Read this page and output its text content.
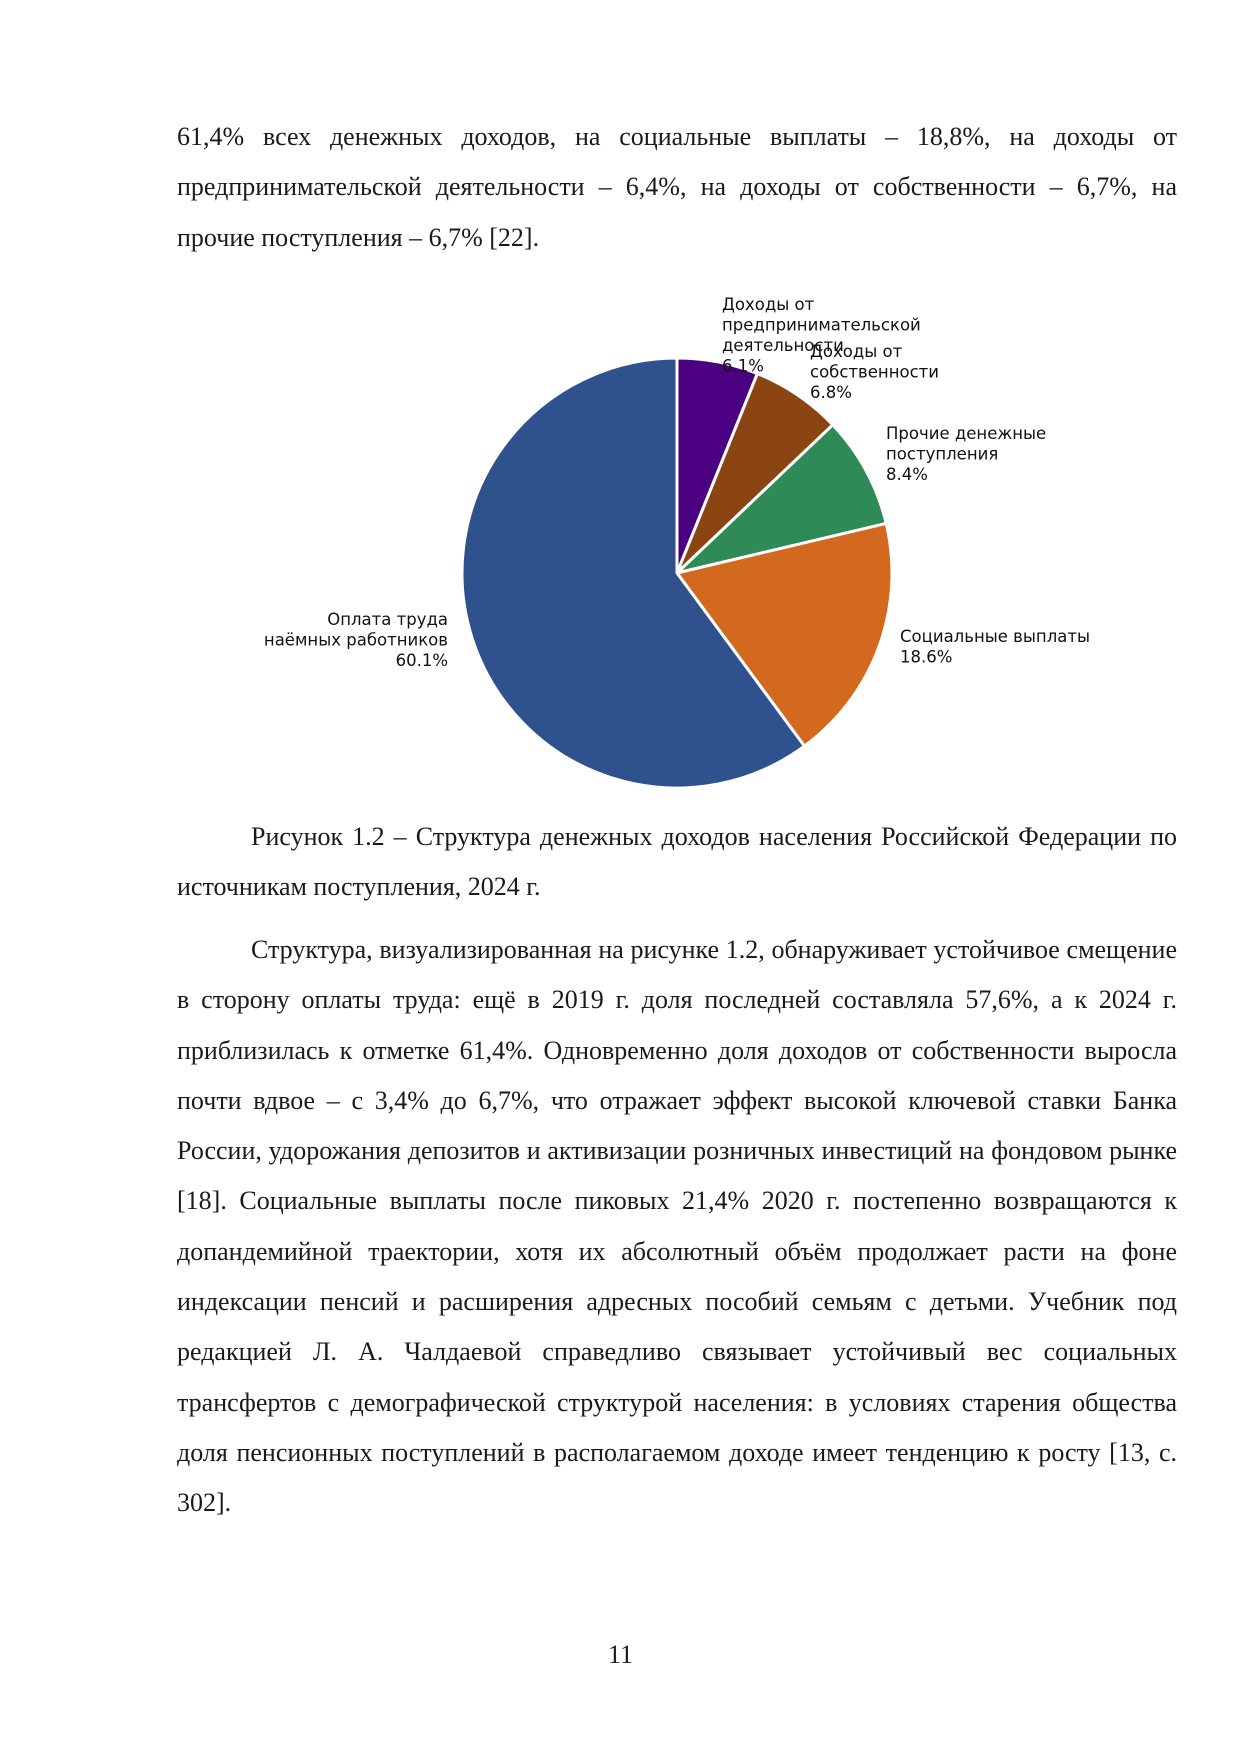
61,4% всех денежных доходов, на социальные выплаты – 18,8%, на доходы от предпринимательской деятельности – 6,4%, на доходы от собственности – 6,7%, на прочие поступления – 6,7% [22].

Доходы от предпринимательской деятельности 6.1%
Доходы от собственности 6.8%
Прочие денежные поступления 8.4%
Социальные выплаты 18.6%
Оплата труда наёмных работников 60.1%

Рисунок 1.2 – Структура денежных доходов населения Российской Федерации по источникам поступления, 2024 г.

Структура, визуализированная на рисунке 1.2, обнаруживает устойчивое смещение в сторону оплаты труда: ещё в 2019 г. доля последней составляла 57,6%, а к 2024 г. приблизилась к отметке 61,4%. Одновременно доля доходов от собственности выросла почти вдвое – с 3,4% до 6,7%, что отражает эффект высокой ключевой ставки Банка России, удорожания депозитов и активизации розничных инвестиций на фондовом рынке [18]. Социальные выплаты после пиковых 21,4% 2020 г. постепенно возвращаются к допандемийной траектории, хотя их абсолютный объём продолжает расти на фоне индексации пенсий и расширения адресных пособий семьям с детьми. Учебник под редакцией Л. А. Чалдаевой справедливо связывает устойчивый вес социальных трансфертов с демографической структурой населения: в условиях старения общества доля пенсионных поступлений в располагаемом доходе имеет тенденцию к росту [13, с. 302].

11
